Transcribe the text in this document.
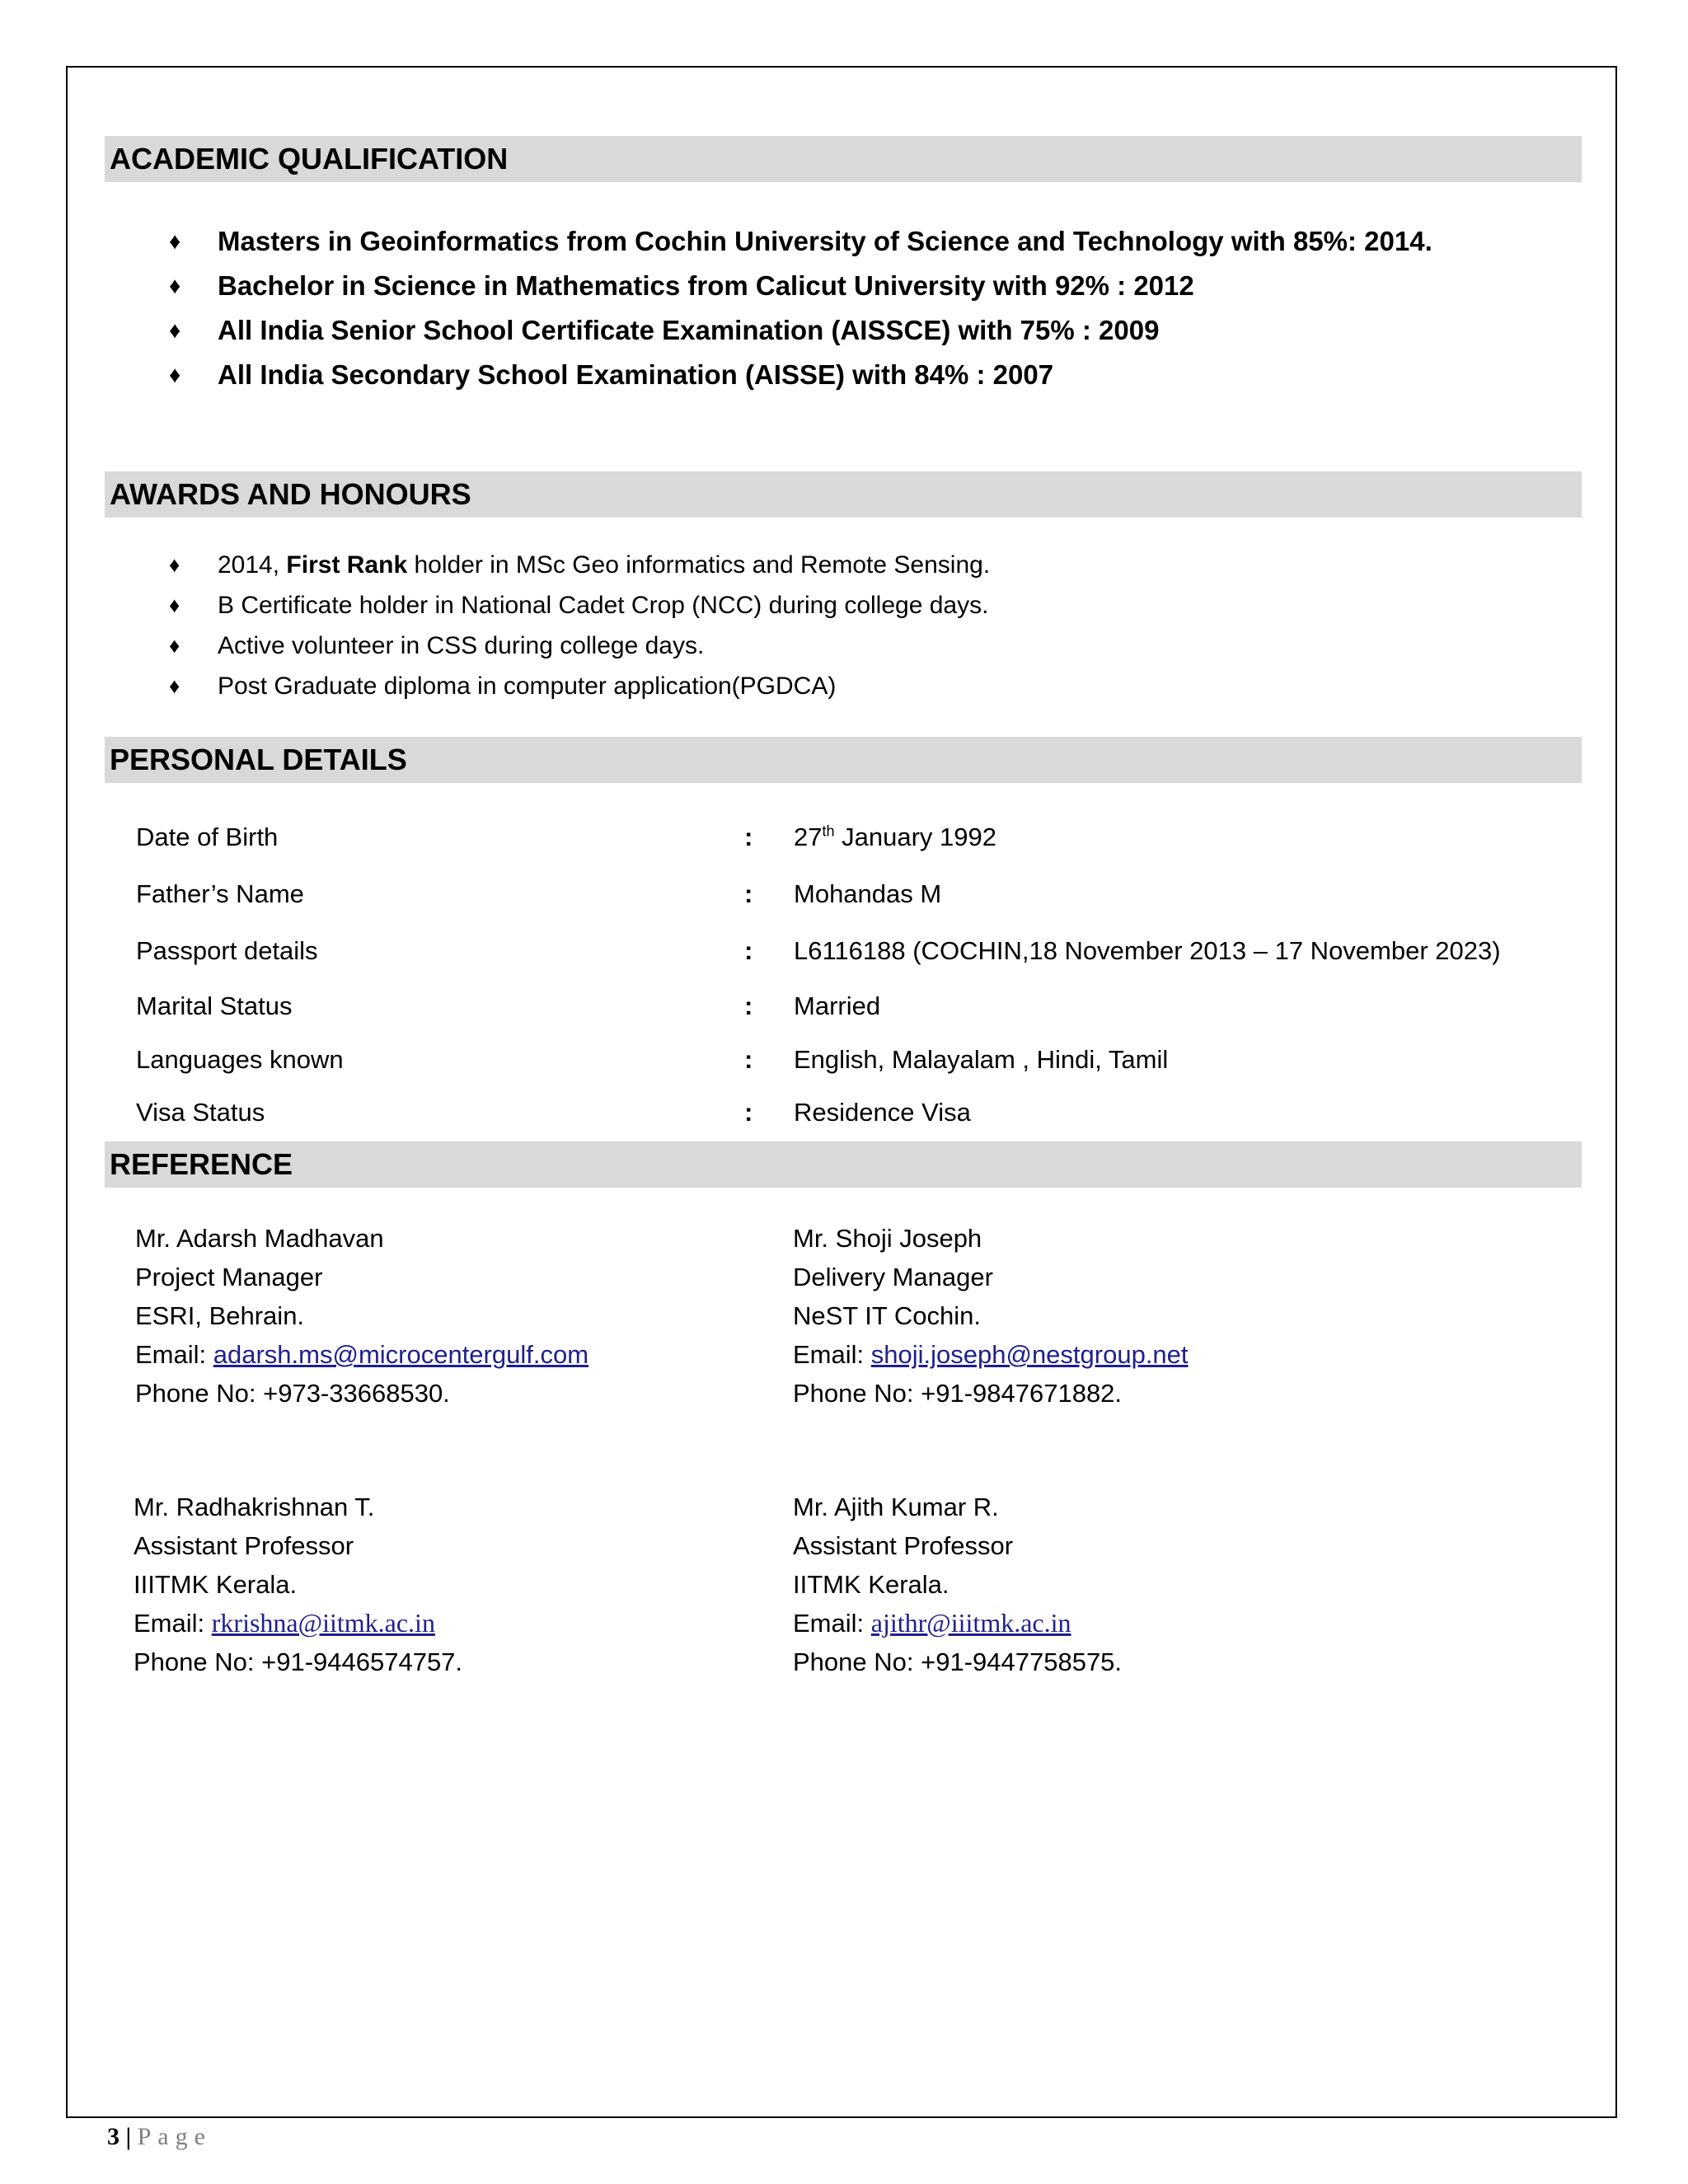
ACADEMIC QUALIFICATION
♦ Masters in Geoinformatics from Cochin University of Science and Technology with 85%: 2014.
♦ Bachelor in Science in Mathematics from Calicut University with 92% : 2012
♦ All India Senior School Certificate Examination (AISSCE) with 75% : 2009
♦ All India Secondary School Examination (AISSE) with 84% : 2007
AWARDS AND HONOURS
♦ 2014, First Rank holder in MSc Geo informatics and Remote Sensing.
♦ B Certificate holder in National Cadet Crop (NCC) during college days.
♦ Active volunteer in CSS during college days.
♦ Post Graduate diploma in computer application(PGDCA)
PERSONAL DETAILS
Date of Birth	: 27th January 1992
Father’s Name	: Mohandas M
Passport details	: L6116188 (COCHIN,18 November 2013 – 17 November 2023)
Marital Status	: Married
Languages known	: English, Malayalam , Hindi, Tamil
Visa Status	: Residence Visa
REFERENCE
Mr. Adarsh Madhavan
Project Manager
ESRI, Behrain.
Email: adarsh.ms@microcentergulf.com
Phone No: +973-33668530.
Mr. Shoji Joseph
Delivery Manager
NeST IT Cochin.
Email: shoji.joseph@nestgroup.net
Phone No: +91-9847671882.
Mr. Radhakrishnan T.
Assistant Professor
IIITMK Kerala.
Email: rkrishna@iitmk.ac.in
Phone No: +91-9446574757.
Mr. Ajith Kumar R.
Assistant Professor
IITMK Kerala.
Email: ajithr@iiitmk.ac.in
Phone No: +91-9447758575.
3 | Page
